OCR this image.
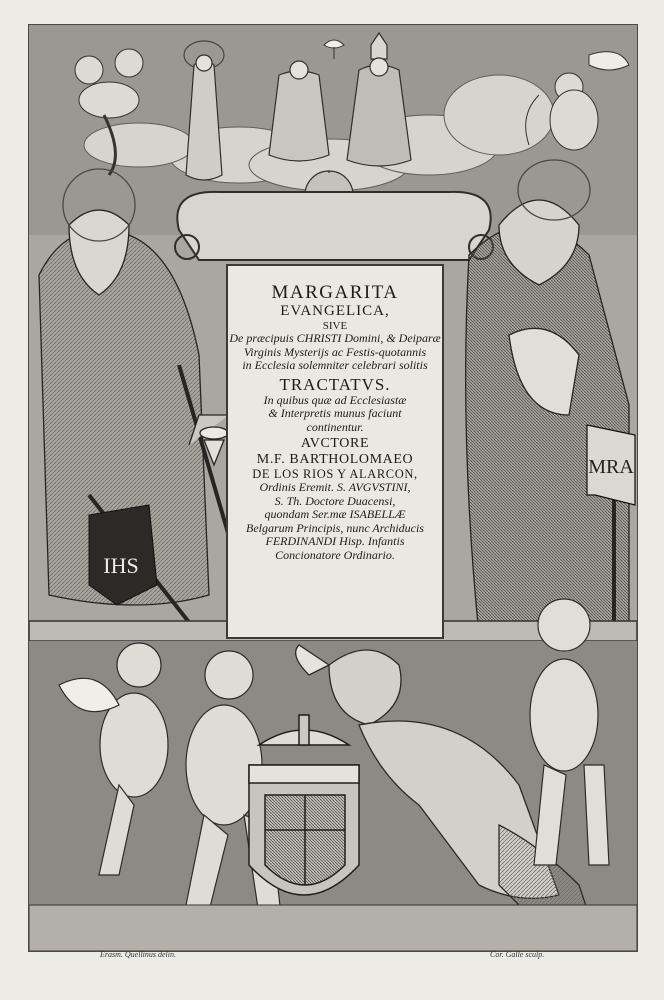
IHS
MRA
MARGARITA
EVANGELICA,
SIVE
De præcipuis CHRISTI Domini, & Deiparæ
Virginis Mysterijs ac Festis-quotannis
in Ecclesia solemniter celebrari solitis
TRACTATVS.
In quibus quæ ad Ecclesiastæ
& Interpretis munus faciunt
continentur.
AVCTORE
M.F. BARTHOLOMAEO
DE LOS RIOS Y ALARCON,
Ordinis Eremit. S. AVGVSTINI,
S. Th. Doctore Duacensi,
quondam Ser.mæ ISABELLÆ
Belgarum Principis, nunc Archiducis
FERDINANDI Hisp. Infantis
Concionatore Ordinario.
Erasm. Quellinus delin.	Cor. Galle sculp.
